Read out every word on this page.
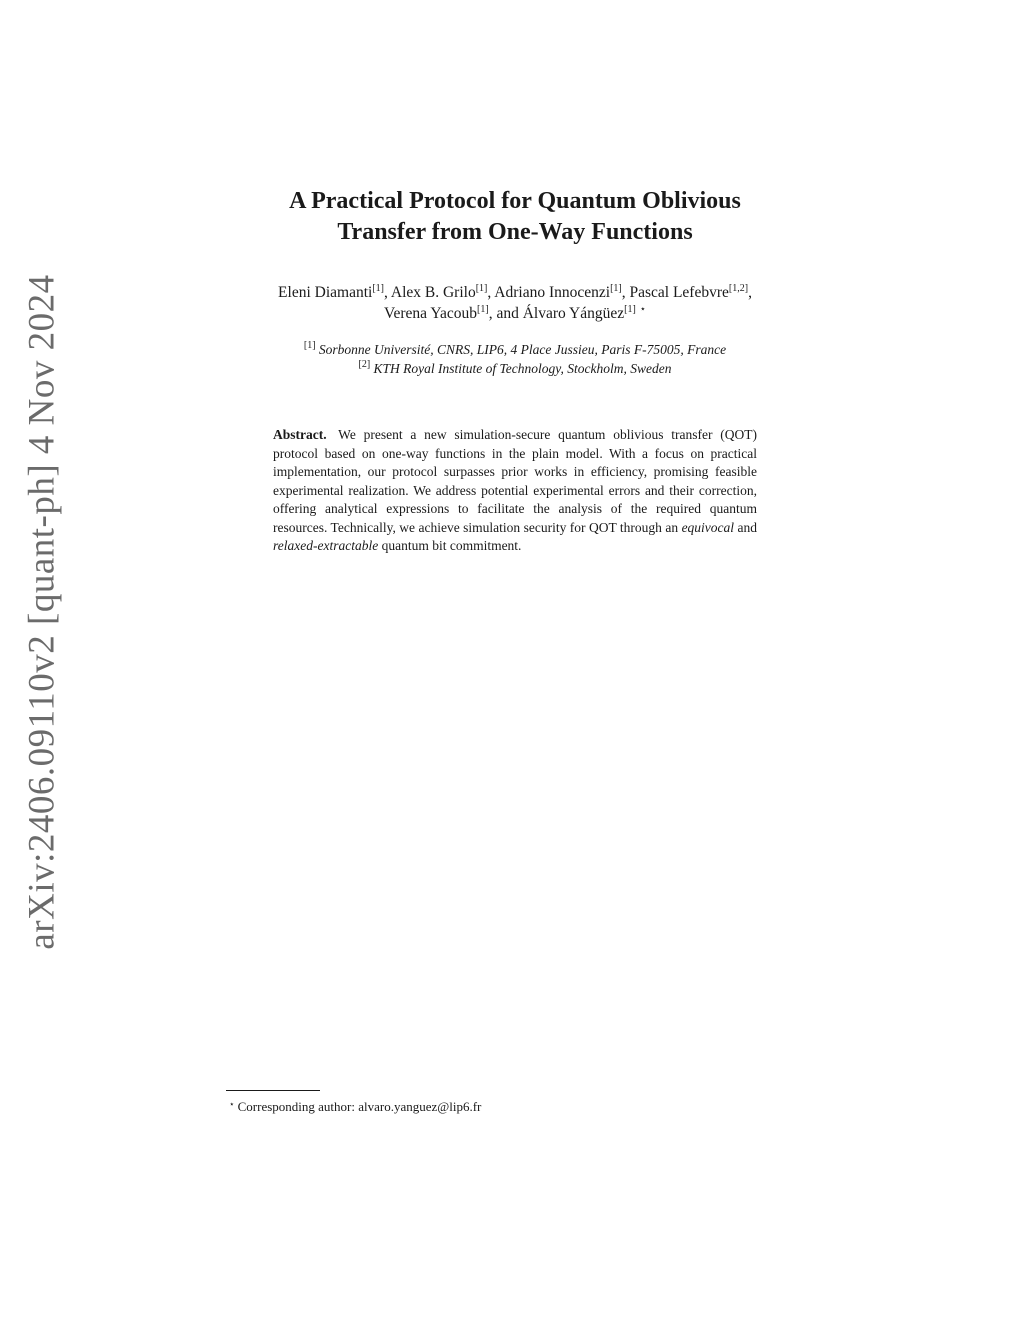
arXiv:2406.09110v2 [quant-ph] 4 Nov 2024
A Practical Protocol for Quantum Oblivious
Transfer from One-Way Functions
Eleni Diamanti[1], Alex B. Grilo[1], Adriano Innocenzi[1], Pascal Lefebvre[1,2],
Verena Yacoub[1], and Álvaro Yángüez[1] ⋆
[1] Sorbonne Université, CNRS, LIP6, 4 Place Jussieu, Paris F-75005, France
[2] KTH Royal Institute of Technology, Stockholm, Sweden
Abstract. We present a new simulation-secure quantum oblivious transfer (QOT) protocol based on one-way functions in the plain model. With a focus on practical implementation, our protocol surpasses prior works in efficiency, promising feasible experimental realization. We address potential experimental errors and their correction, offering analytical expressions to facilitate the analysis of the required quantum resources. Technically, we achieve simulation security for QOT through an equivocal and relaxed-extractable quantum bit commitment.
⋆ Corresponding author: alvaro.yanguez@lip6.fr
